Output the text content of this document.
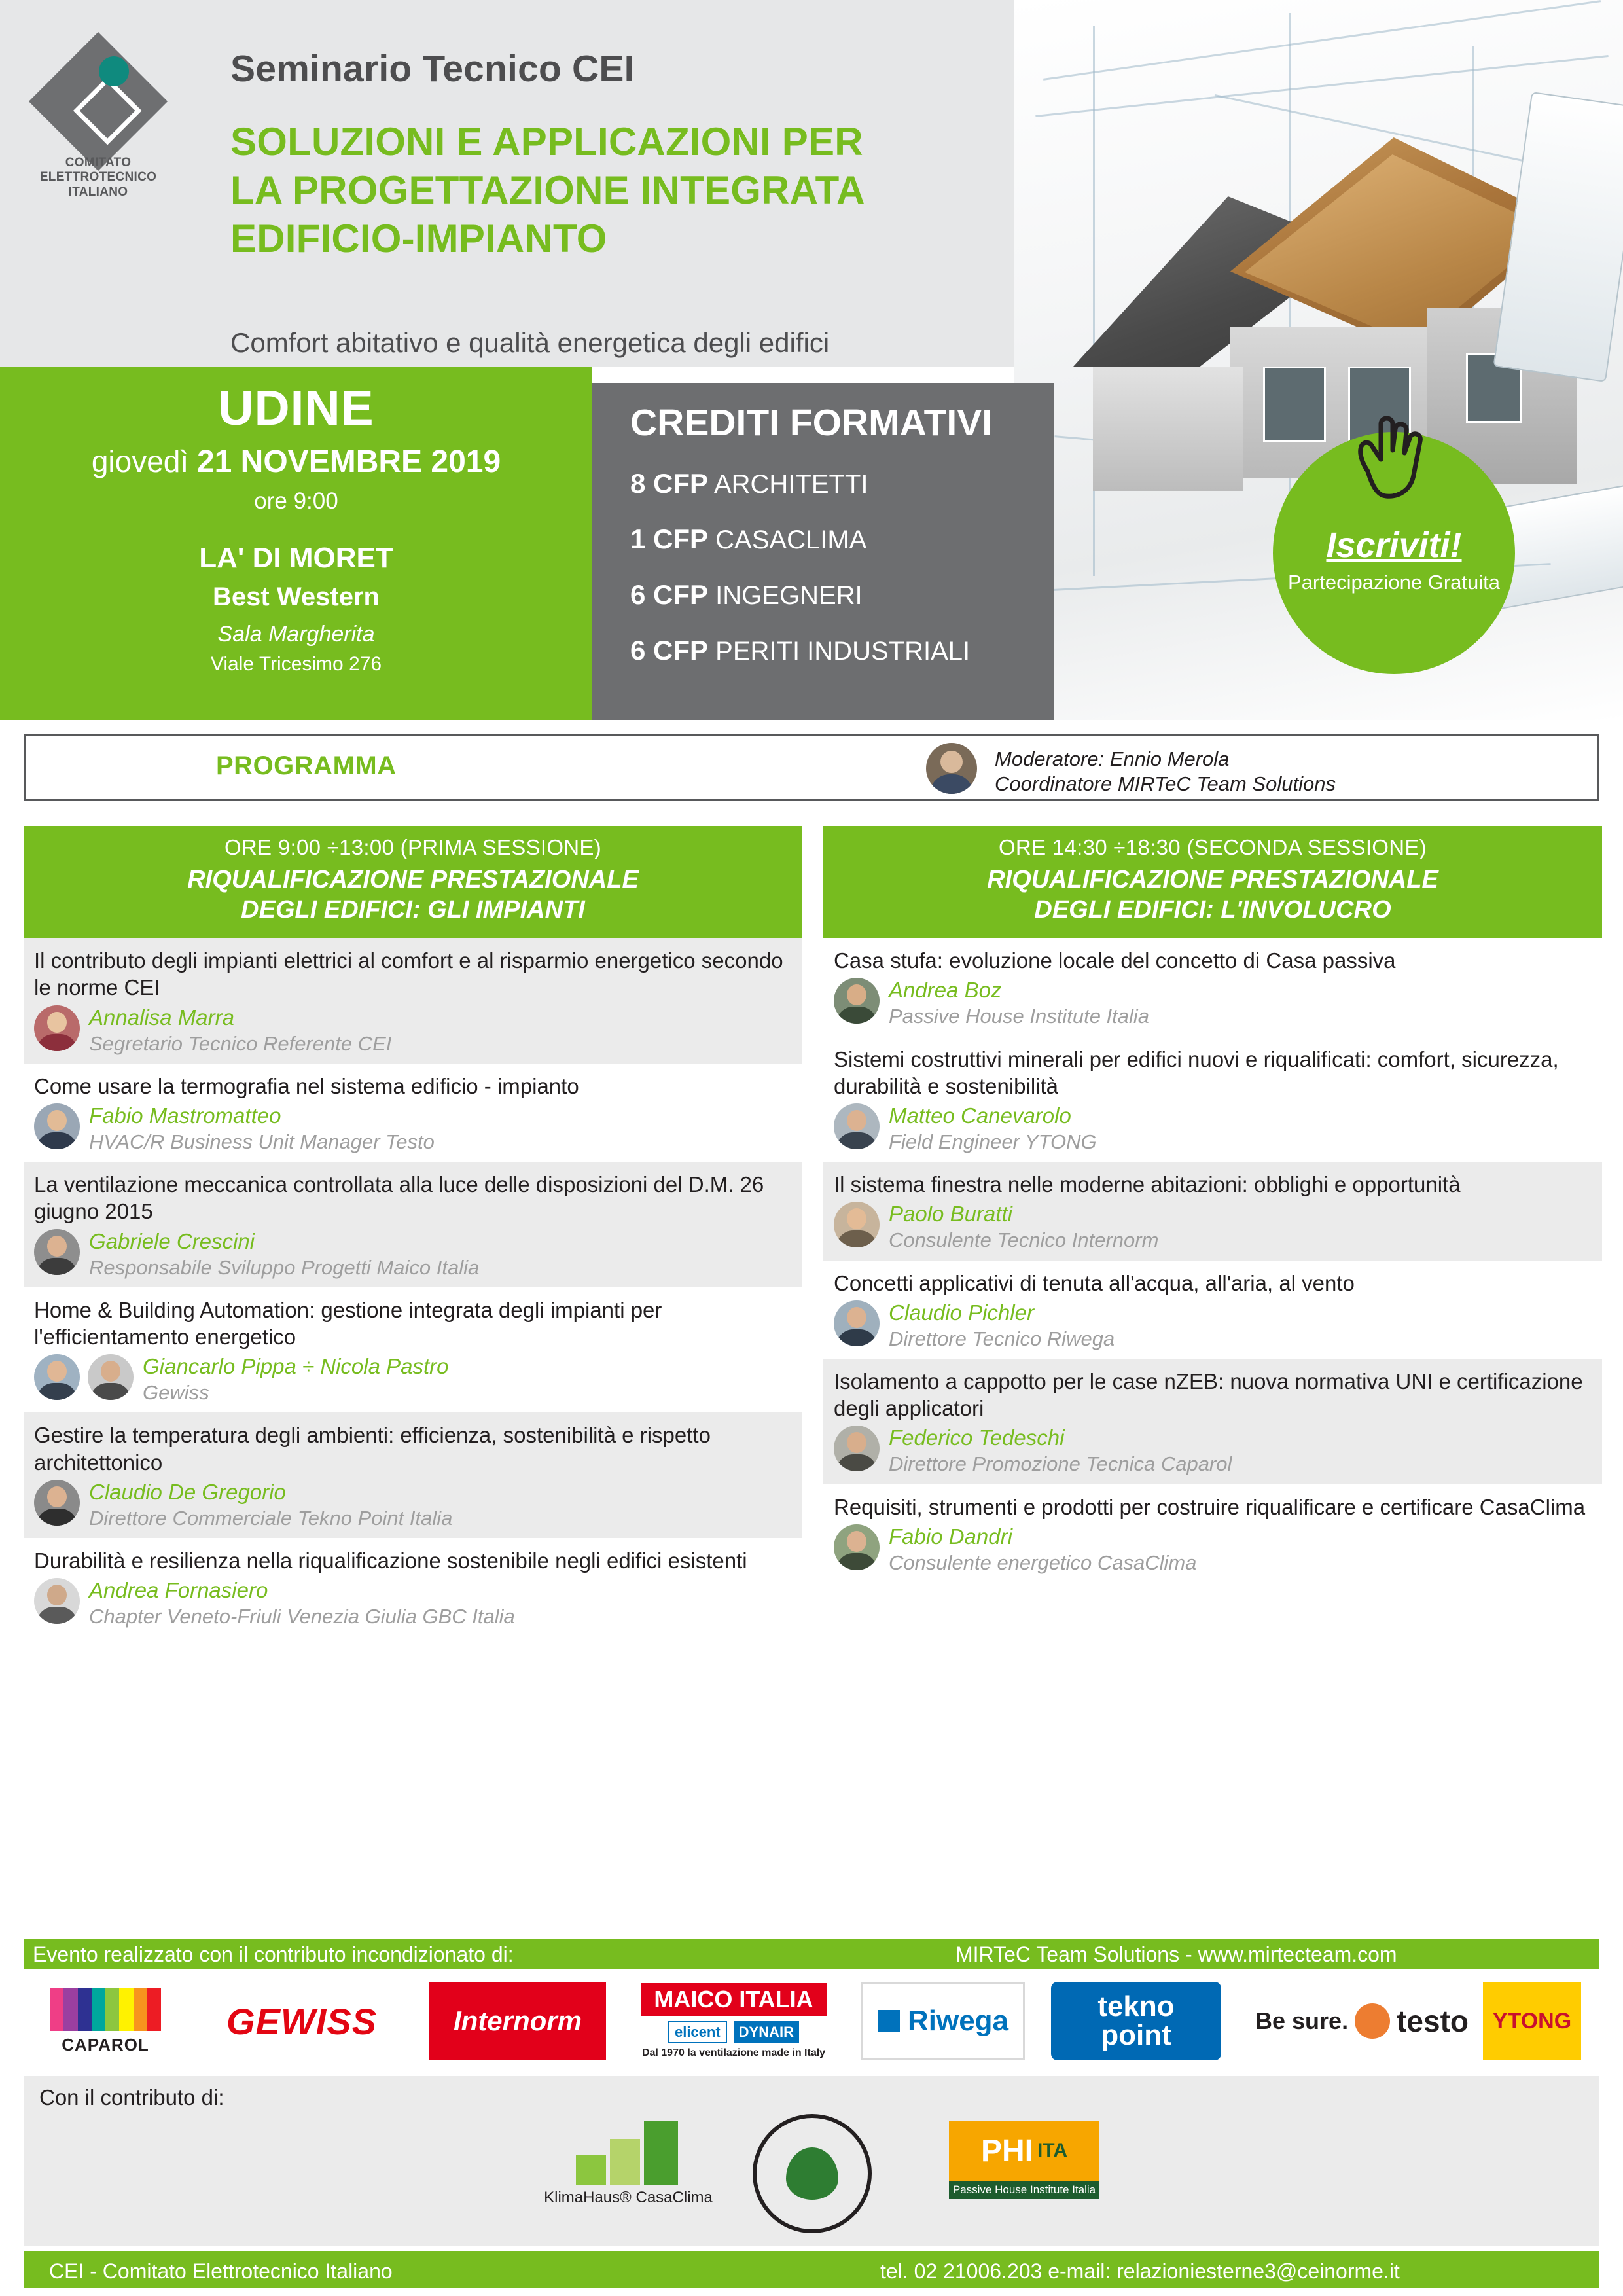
COMITATO
ELETTROTECNICO
ITALIANO
Seminario Tecnico CEI
SOLUZIONI E APPLICAZIONI PER
LA PROGETTAZIONE INTEGRATA
EDIFICIO-IMPIANTO
Comfort abitativo e qualità energetica degli edifici
UDINE
giovedì 21 NOVEMBRE 2019
ore 9:00
LA' DI MORET
Best Western
Sala Margherita
Viale Tricesimo 276
CREDITI FORMATIVI
8 CFP ARCHITETTI
1 CFP CASACLIMA
6 CFP INGEGNERI
6 CFP PERITI INDUSTRIALI
Iscriviti!
Partecipazione Gratuita
PROGRAMMA	Moderatore: Ennio Merola
Coordinatore MIRTeC Team Solutions
ORE 9:00 ÷13:00 (PRIMA SESSIONE)
RIQUALIFICAZIONE PRESTAZIONALE
DEGLI EDIFICI: GLI IMPIANTI
Il contributo degli impianti elettrici al comfort e al risparmio energetico secondo le norme CEI
Annalisa Marra
Segretario Tecnico Referente CEI
Come usare la termografia nel sistema edificio - impianto
Fabio Mastromatteo
HVAC/R Business Unit Manager Testo
La ventilazione meccanica controllata alla luce delle disposizioni del D.M. 26 giugno 2015
Gabriele Crescini
Responsabile Sviluppo Progetti Maico Italia
Home & Building Automation: gestione integrata degli impianti per l'efficientamento energetico
Giancarlo Pippa ÷ Nicola Pastro
Gewiss
Gestire la temperatura degli ambienti: efficienza, sostenibilità e rispetto architettonico
Claudio De Gregorio
Direttore Commerciale Tekno Point Italia
Durabilità e resilienza nella riqualificazione sostenibile negli edifici esistenti
Andrea Fornasiero
Chapter Veneto-Friuli Venezia Giulia GBC Italia
ORE 14:30 ÷18:30 (SECONDA SESSIONE)
RIQUALIFICAZIONE PRESTAZIONALE
DEGLI EDIFICI: L'INVOLUCRO
Casa stufa: evoluzione locale del concetto di Casa passiva
Andrea Boz
Passive House Institute Italia
Sistemi costruttivi minerali per edifici nuovi e riqualificati: comfort, sicurezza, durabilità e sostenibilità
Matteo Canevarolo
Field Engineer YTONG
Il sistema finestra nelle moderne abitazioni: obblighi e opportunità
Paolo Buratti
Consulente Tecnico Internorm
Concetti applicativi di tenuta all'acqua, all'aria, al vento
Claudio Pichler
Direttore Tecnico Riwega
Isolamento a cappotto per le case nZEB: nuova normativa UNI e certificazione degli applicatori
Federico Tedeschi
Direttore Promozione Tecnica Caparol
Requisiti, strumenti e prodotti per costruire riqualificare e certificare CasaClima
Fabio Dandri
Consulente energetico CasaClima
Evento realizzato con il contributo incondizionato di:	MIRTeC Team Solutions - www.mirtecteam.com
CAPAROL
GEWISS	Internorm
MAICO ITALIA
elicent	DYNAIR
Dal 1970 la ventilazione made in Italy
Riwega	tekno
point	Be sure. testo YTONG
Con il contributo di:
KlimaHaus® CasaClima
PHI ITA
Passive House Institute Italia
CEI - Comitato Elettrotecnico Italiano	tel. 02 21006.203 e-mail: relazioniesterne3@ceinorme.it
